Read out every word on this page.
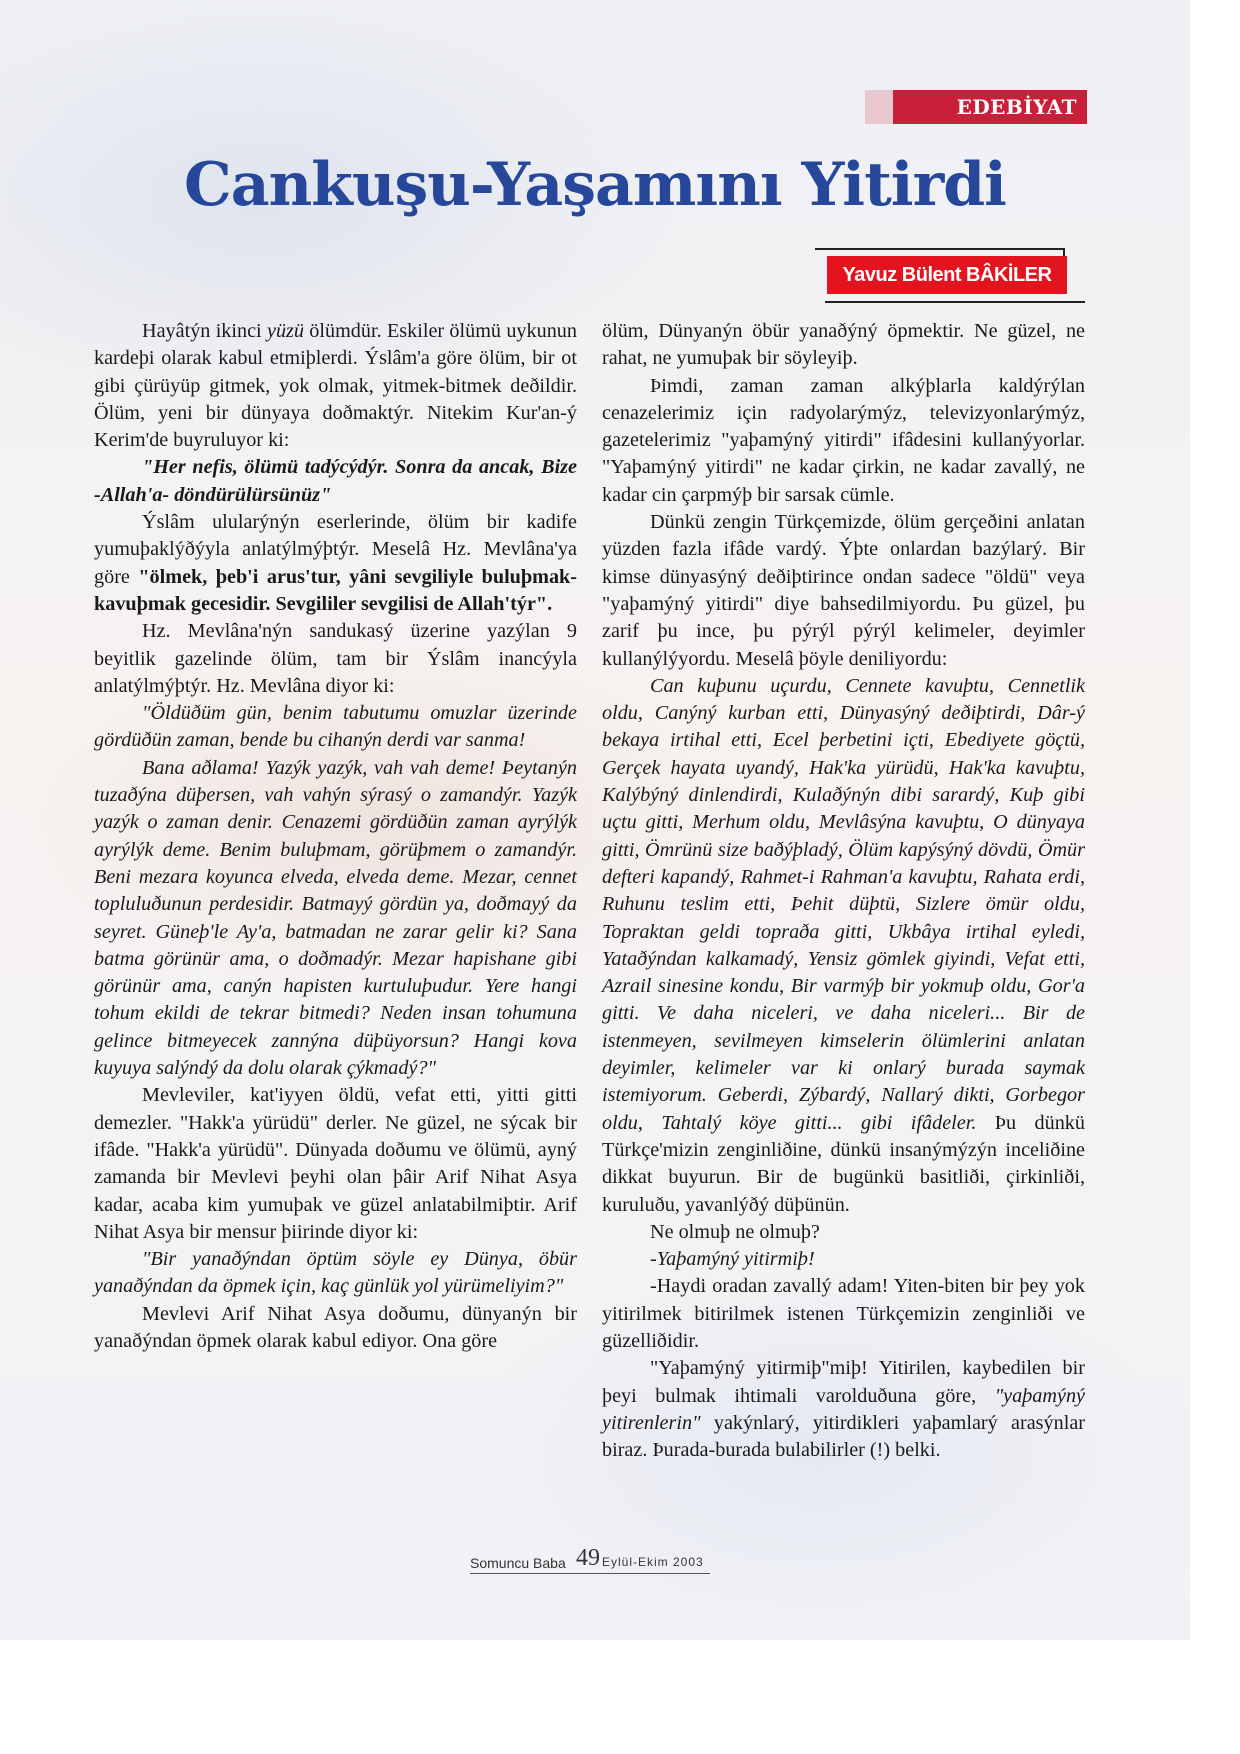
EDEBİYAT
Cankuşu-Yaşamını Yitirdi
Yavuz Bülent BÂKİLER

Hayâtýn ikinci yüzü ölümdür. Eskiler ölümü uykunun kardeþi olarak kabul etmiþlerdi. Ýslâm'a göre ölüm, bir ot gibi çürüyüp gitmek, yok olmak, yitmek-bitmek deðildir. Ölüm, yeni bir dünyaya doðmaktýr. Nitekim Kur'an-ý Kerim'de buyruluyor ki:

"Her nefis, ölümü tadýcýdýr. Sonra da ancak, Bize -Allah'a- döndürülürsünüz"

Ýslâm ulularýnýn eserlerinde, ölüm bir kadife yumuþaklýðýyla anlatýlmýþtýr. Meselâ Hz. Mevlâna'ya göre "ölmek, þeb'i arus'tur, yâni sevgiliyle buluþmak-kavuþmak gecesidir. Sevgililer sevgilisi de Allah'týr".

Hz. Mevlâna'nýn sandukasý üzerine yazýlan 9 beyitlik gazelinde ölüm, tam bir Ýslâm inancýyla anlatýlmýþtýr. Hz. Mevlâna diyor ki:

"Öldüðüm gün, benim tabutumu omuzlar üzerinde gördüðün zaman, bende bu cihanýn derdi var sanma!

Bana aðlama! Yazýk yazýk, vah vah deme! Þeytanýn tuzaðýna düþersen, vah vahýn sýrasý o zamandýr. Yazýk yazýk o zaman denir. Cenazemi gördüðün zaman ayrýlýk ayrýlýk deme. Benim buluþmam, görüþmem o zamandýr. Beni mezara koyunca elveda, elveda deme. Mezar, cennet topluluðunun perdesidir. Batmayý gördün ya, doðmayý da seyret. Güneþ'le Ay'a, batmadan ne zarar gelir ki? Sana batma görünür ama, o doðmadýr. Mezar hapishane gibi görünür ama, canýn hapisten kurtuluþudur. Yere hangi tohum ekildi de tekrar bitmedi? Neden insan tohumuna gelince bitmeyecek zannýna düþüyorsun? Hangi kova kuyuya salýndý da dolu olarak çýkmadý?"

Mevleviler, kat'iyyen öldü, vefat etti, yitti gitti demezler. "Hakk'a yürüdü" derler. Ne güzel, ne sýcak bir ifâde. "Hakk'a yürüdü". Dünyada doðumu ve ölümü, ayný zamanda bir Mevlevi þeyhi olan þâir Arif Nihat Asya kadar, acaba kim yumuþak ve güzel anlatabilmiþtir. Arif Nihat Asya bir mensur þiirinde diyor ki:

"Bir yanaðýndan öptüm söyle ey Dünya, öbür yanaðýndan da öpmek için, kaç günlük yol yürümeliyim?"

Mevlevi Arif Nihat Asya doðumu, dünyanýn bir yanaðýndan öpmek olarak kabul ediyor. Ona göre

ölüm, Dünyanýn öbür yanaðýný öpmektir. Ne güzel, ne rahat, ne yumuþak bir söyleyiþ.

Þimdi, zaman zaman alkýþlarla kaldýrýlan cenazelerimiz için radyolarýmýz, televizyonlarýmýz, gazetelerimiz "yaþamýný yitirdi" ifâdesini kullanýyorlar. "Yaþamýný yitirdi" ne kadar çirkin, ne kadar zavallý, ne kadar cin çarpmýþ bir sarsak cümle.

Dünkü zengin Türkçemizde, ölüm gerçeðini anlatan yüzden fazla ifâde vardý. Ýþte onlardan bazýlarý. Bir kimse dünyasýný deðiþtirince ondan sadece "öldü" veya "yaþamýný yitirdi" diye bahsedilmiyordu. Þu güzel, þu zarif þu ince, þu pýrýl pýrýl kelimeler, deyimler kullanýlýyordu. Meselâ þöyle deniliyordu:

Can kuþunu uçurdu, Cennete kavuþtu, Cennetlik oldu, Canýný kurban etti, Dünyasýný deðiþtirdi, Dâr-ý bekaya irtihal etti, Ecel þerbetini içti, Ebediyete göçtü, Gerçek hayata uyandý, Hak'ka yürüdü, Hak'ka kavuþtu, Kalýbýný dinlendirdi, Kulaðýnýn dibi sarardý, Kuþ gibi uçtu gitti, Merhum oldu, Mevlâsýna kavuþtu, O dünyaya gitti, Ömrünü size baðýþladý, Ölüm kapýsýný dövdü, Ömür defteri kapandý, Rahmet-i Rahman'a kavuþtu, Rahata erdi, Ruhunu teslim etti, Þehit düþtü, Sizlere ömür oldu, Topraktan geldi topraða gitti, Ukbâya irtihal eyledi, Yataðýndan kalkamadý, Yensiz gömlek giyindi, Vefat etti, Azrail sinesine kondu, Bir varmýþ bir yokmuþ oldu, Gor'a gitti. Ve daha niceleri, ve daha niceleri... Bir de istenmeyen, sevilmeyen kimselerin ölümlerini anlatan deyimler, kelimeler var ki onlarý burada saymak istemiyorum. Geberdi, Zýbardý, Nallarý dikti, Gorbegor oldu, Tahtalý köye gitti... gibi ifâdeler. Þu dünkü Türkçe'mizin zenginliðine, dünkü insanýmýzýn inceliðine dikkat buyurun. Bir de bugünkü basitliði, çirkinliði, kuruluðu, yavanlýðý düþünün.

Ne olmuþ ne olmuþ?

-Yaþamýný yitirmiþ!

-Haydi oradan zavallý adam! Yiten-biten bir þey yok yitirilmek bitirilmek istenen Türkçemizin zenginliði ve güzelliðidir.

"Yaþamýný yitirmiþ"miþ! Yitirilen, kaybedilen bir þeyi bulmak ihtimali varolduðuna göre, "yaþamýný yitirenlerin" yakýnlarý, yitirdikleri yaþamlarý arasýnlar biraz. Þurada-burada bulabilirler (!) belki.

Somuncu Baba 49 Eylül-Ekim 2003
